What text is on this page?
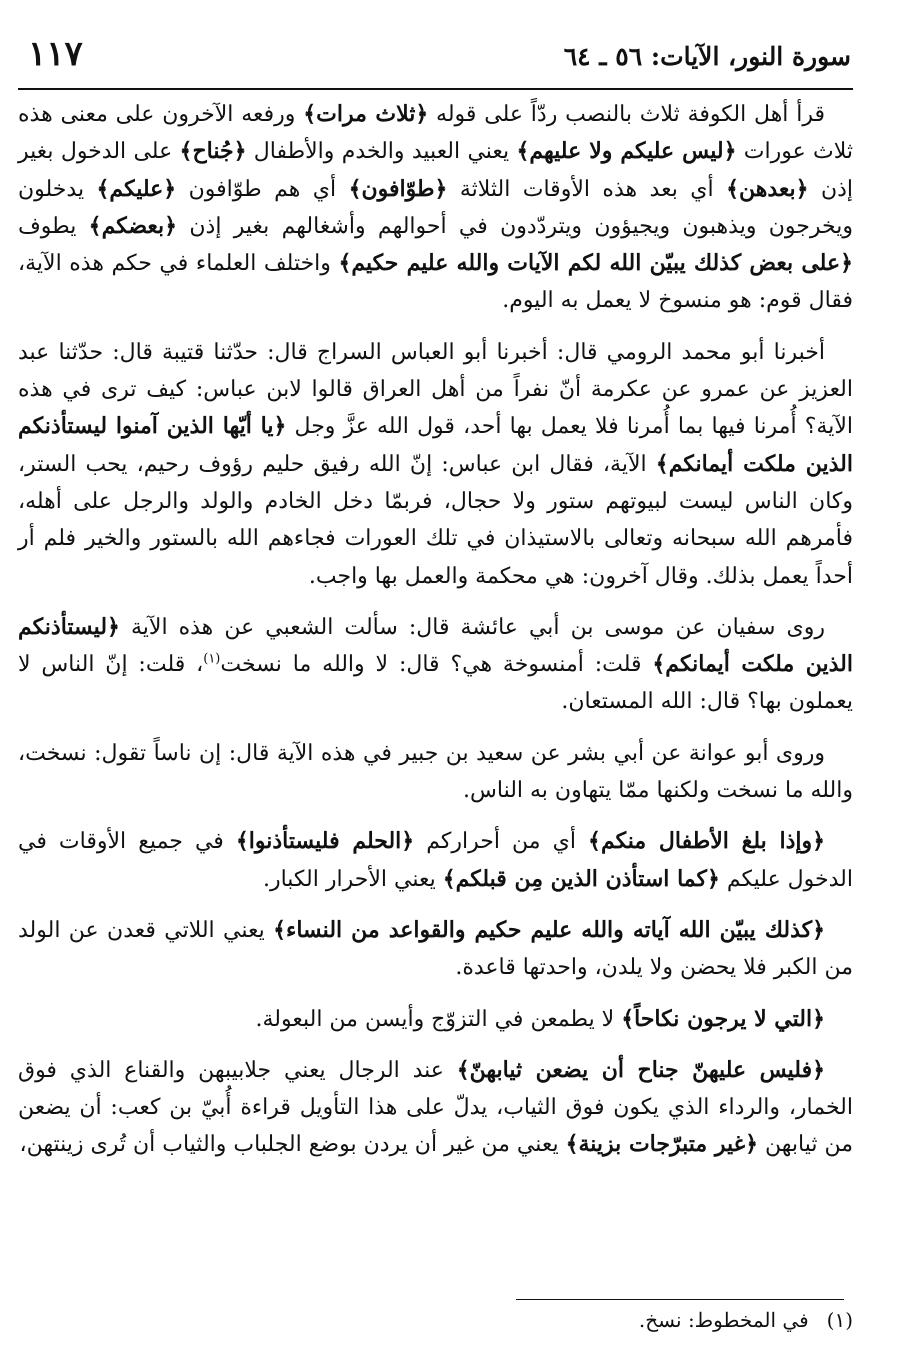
١١٧	سورة النور، الآيات: ٥٦ ـ ٦٤

قرأ أهل الكوفة ثلاث بالنصب ردّاً على قوله ﴿ثلاث مرات﴾ ورفعه الآخرون على معنى هذه ثلاث عورات ﴿ليس عليكم ولا عليهم﴾ يعني العبيد والخدم والأطفال ﴿جُناح﴾ على الدخول بغير إذن ﴿بعدهن﴾ أي بعد هذه الأوقات الثلاثة ﴿طوّافون﴾ أي هم طوّافون ﴿عليكم﴾ يدخلون ويخرجون ويذهبون ويجيؤون ويتردّدون في أحوالهم وأشغالهم بغير إذن ﴿بعضكم﴾ يطوف ﴿على بعض كذلك يبيّن الله لكم الآيات والله عليم حكيم﴾ واختلف العلماء في حكم هذه الآية، فقال قوم: هو منسوخ لا يعمل به اليوم.

أخبرنا أبو محمد الرومي قال: أخبرنا أبو العباس السراج قال: حدّثنا قتيبة قال: حدّثنا عبد العزيز عن عمرو عن عكرمة أنّ نفراً من أهل العراق قالوا لابن عباس: كيف ترى في هذه الآية؟ أُمرنا فيها بما أُمرنا فلا يعمل بها أحد، قول الله عزَّ وجل ﴿يا أيّها الذين آمنوا ليستأذنكم الذين ملكت أيمانكم﴾ الآية، فقال ابن عباس: إنّ الله رفيق حليم رؤوف رحيم، يحب الستر، وكان الناس ليست لبيوتهم ستور ولا حجال، فربمّا دخل الخادم والولد والرجل على أهله، فأمرهم الله سبحانه وتعالى بالاستيذان في تلك العورات فجاءهم الله بالستور والخير فلم أر أحداً يعمل بذلك. وقال آخرون: هي محكمة والعمل بها واجب.

روى سفيان عن موسى بن أبي عائشة قال: سألت الشعبي عن هذه الآية ﴿ليستأذنكم الذين ملكت أيمانكم﴾ قلت: أمنسوخة هي؟ قال: لا والله ما نسخت$^{(١)}$، قلت: إنّ الناس لا يعملون بها؟ قال: الله المستعان.

وروى أبو عوانة عن أبي بشر عن سعيد بن جبير في هذه الآية قال: إن ناساً تقول: نسخت، والله ما نسخت ولكنها ممّا يتهاون به الناس.

﴿وإذا بلغ الأطفال منكم﴾ أي من أحراركم ﴿الحلم فليستأذنوا﴾ في جميع الأوقات في الدخول عليكم ﴿كما استأذن الذين مِن قبلكم﴾ يعني الأحرار الكبار.

﴿كذلك يبيّن الله آياته والله عليم حكيم والقواعد من النساء﴾ يعني اللاتي قعدن عن الولد من الكبر فلا يحضن ولا يلدن، واحدتها قاعدة.

﴿التي لا يرجون نكاحاً﴾ لا يطمعن في التزوّج وأيسن من البعولة.

﴿فليس عليهنّ جناح أن يضعن ثيابهنّ﴾ عند الرجال يعني جلابيبهن والقناع الذي فوق الخمار، والرداء الذي يكون فوق الثياب، يدلّ على هذا التأويل قراءة أُبيّ بن كعب: أن يضعن من ثيابهن ﴿غير متبرّجات بزينة﴾ يعني من غير أن يردن بوضع الجلباب والثياب أن تُرى زينتهن،

(١)في المخطوط: نسخ.
